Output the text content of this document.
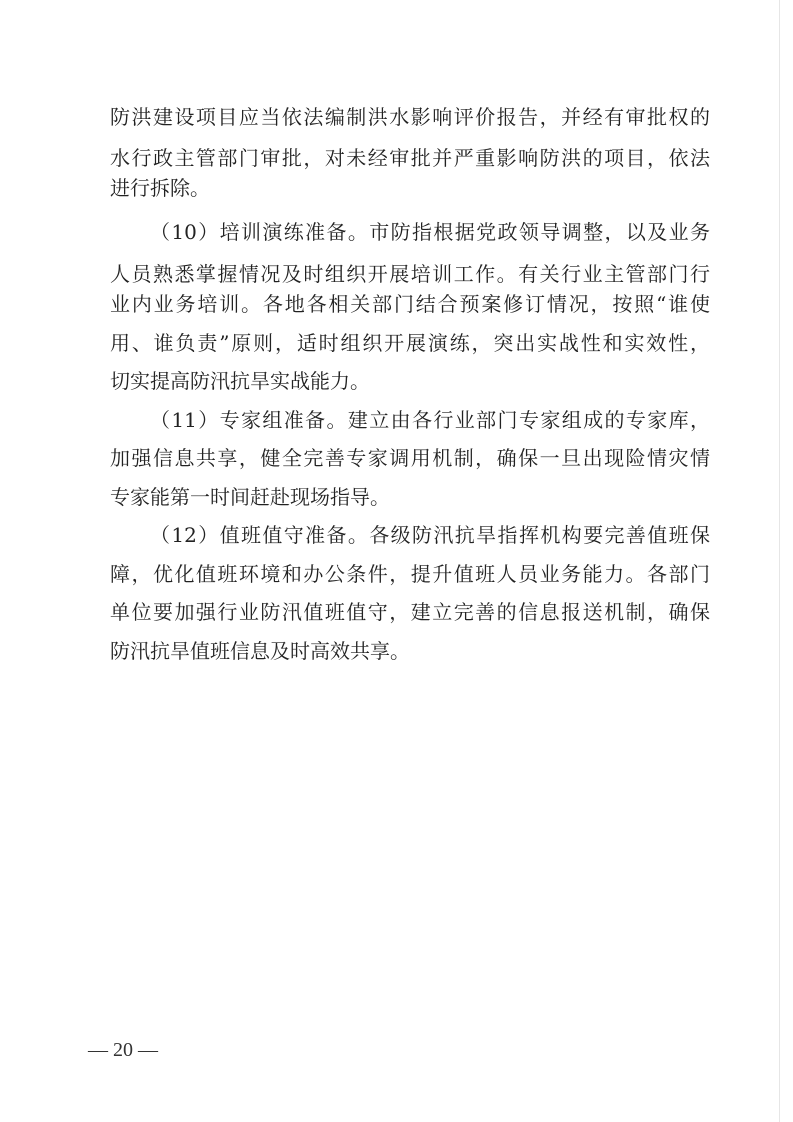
防洪建设项目应当依法编制洪水影响评价报告，并经有审批权的
水行政主管部门审批，对未经审批并严重影响防洪的项目，依法
进行拆除。
（10）培训演练准备。市防指根据党政领导调整，以及业务
人员熟悉掌握情况及时组织开展培训工作。有关行业主管部门行
业内业务培训。各地各相关部门结合预案修订情况，按照“谁使
用、谁负责”原则，适时组织开展演练，突出实战性和实效性，
切实提高防汛抗旱实战能力。
（11）专家组准备。建立由各行业部门专家组成的专家库，
加强信息共享，健全完善专家调用机制，确保一旦出现险情灾情
专家能第一时间赶赴现场指导。
（12）值班值守准备。各级防汛抗旱指挥机构要完善值班保
障，优化值班环境和办公条件，提升值班人员业务能力。各部门
单位要加强行业防汛值班值守，建立完善的信息报送机制，确保
防汛抗旱值班信息及时高效共享。
— 20 —
